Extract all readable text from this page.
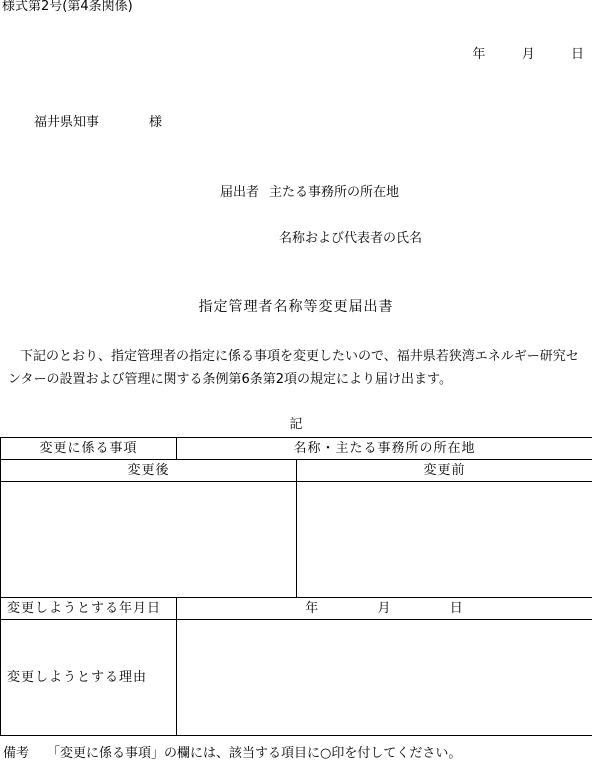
様式第2号(第4条関係)
年	月	日
福井県知事	様
届出者 主たる事務所の所在地
名称および代表者の氏名
指定管理者名称等変更届出書
下記のとおり、指定管理者の指定に係る事項を変更したいので、福井県若狭湾エネルギー研究センターの設置および管理に関する条例第6条第2項の規定により届け出ます。
記
変更に係る事項	名称・主たる事務所の所在地	
変更後		変更前

変更しようとする年月日	年 月 日	
変更しようとする理由		
備考 「変更に係る事項」の欄には、該当する項目に○印を付してください。
